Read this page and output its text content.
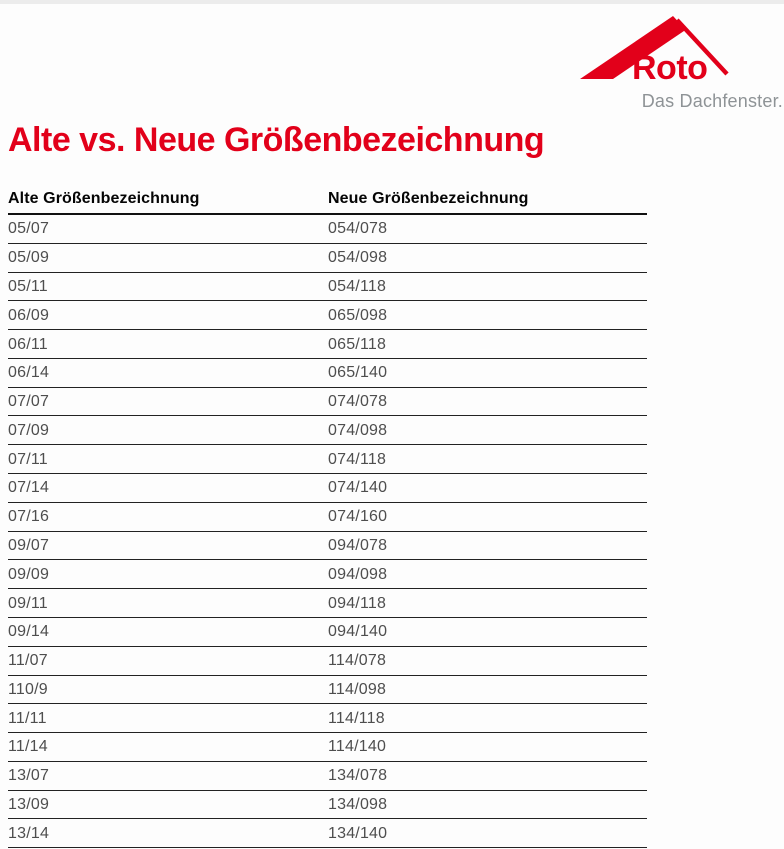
Roto
Das Dachfenster.
Alte vs. Neue Größenbezeichnung
Alte Größenbezeichnung	Neue Größenbezeichnung
05/07	054/078
05/09	054/098
05/11	054/118
06/09	065/098
06/11	065/118
06/14	065/140
07/07	074/078
07/09	074/098
07/11	074/118
07/14	074/140
07/16	074/160
09/07	094/078
09/09	094/098
09/11	094/118
09/14	094/140
11/07	114/078
110/9	114/098
11/11	114/118
11/14	114/140
13/07	134/078
13/09	134/098
13/14	134/140
